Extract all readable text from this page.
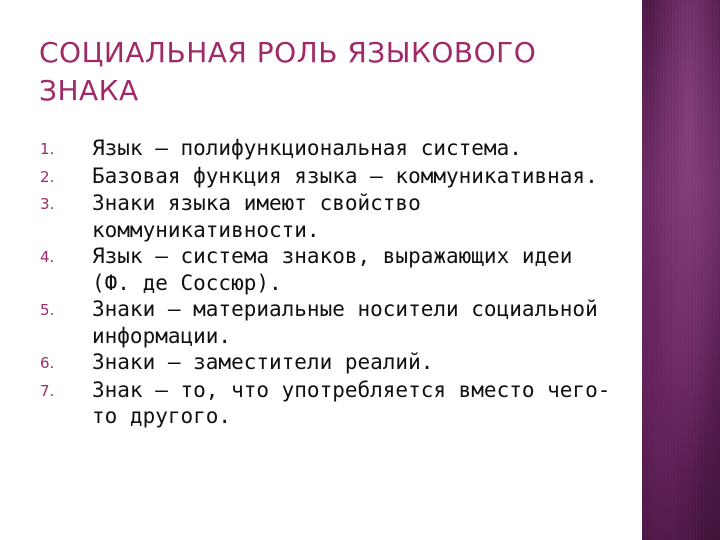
СОЦИАЛЬНАЯ РОЛЬ ЯЗЫКОВОГО ЗНАКА
1.	Язык – полифункциональная система.
2.	Базовая функция языка – коммуникативная.
3.	Знаки языка имеют свойство коммуникативности.
4.	Язык – система знаков, выражающих идеи  (Ф. де Соссюр).
5.	Знаки – материальные носители социальной информации.
6.	Знаки – заместители реалий.
7.	Знак – то, что употребляется вместо чего-то другого.
